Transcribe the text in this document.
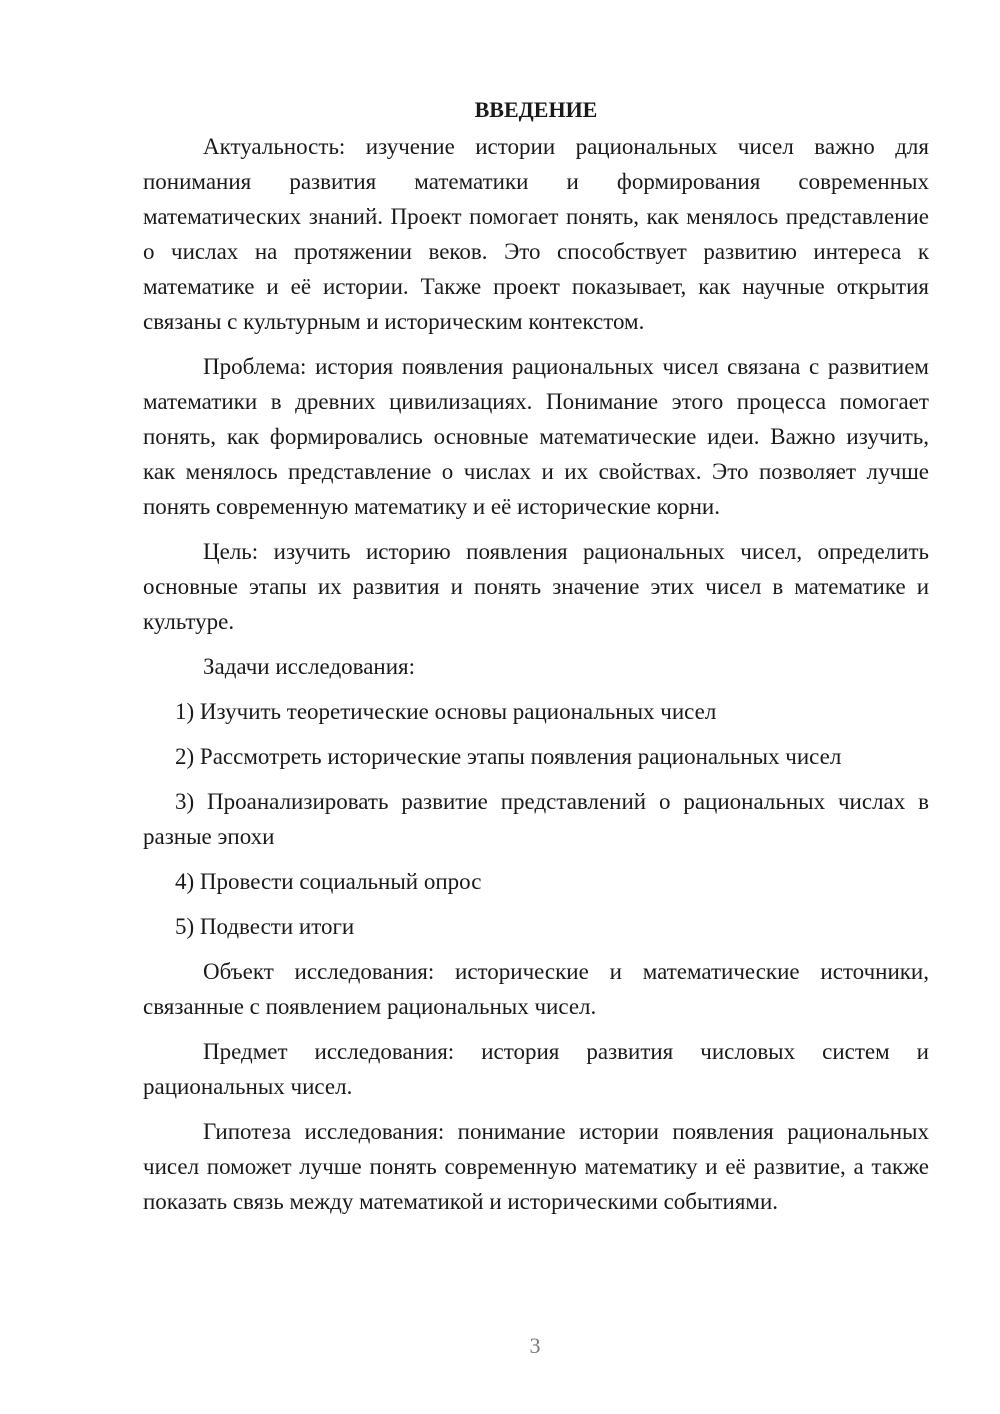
ВВЕДЕНИЕ

Актуальность: изучение истории рациональных чисел важно для понимания развития математики и формирования современных математических знаний. Проект помогает понять, как менялось представление о числах на протяжении веков. Это способствует развитию интереса к математике и её истории. Также проект показывает, как научные открытия связаны с культурным и историческим контекстом.

Проблема: история появления рациональных чисел связана с развитием математики в древних цивилизациях. Понимание этого процесса помогает понять, как формировались основные математические идеи. Важно изучить, как менялось представление о числах и их свойствах. Это позволяет лучше понять современную математику и её исторические корни.

Цель: изучить историю появления рациональных чисел, определить основные этапы их развития и понять значение этих чисел в математике и культуре.

Задачи исследования:

1) Изучить теоретические основы рациональных чисел

2) Рассмотреть исторические этапы появления рациональных чисел

3) Проанализировать развитие представлений о рациональных числах в разные эпохи

4) Провести социальный опрос

5) Подвести итоги

Объект исследования: исторические и математические источники, связанные с появлением рациональных чисел.

Предмет исследования: история развития числовых систем и рациональных чисел.

Гипотеза исследования: понимание истории появления рациональных чисел поможет лучше понять современную математику и её развитие, а также показать связь между математикой и историческими событиями.

3
